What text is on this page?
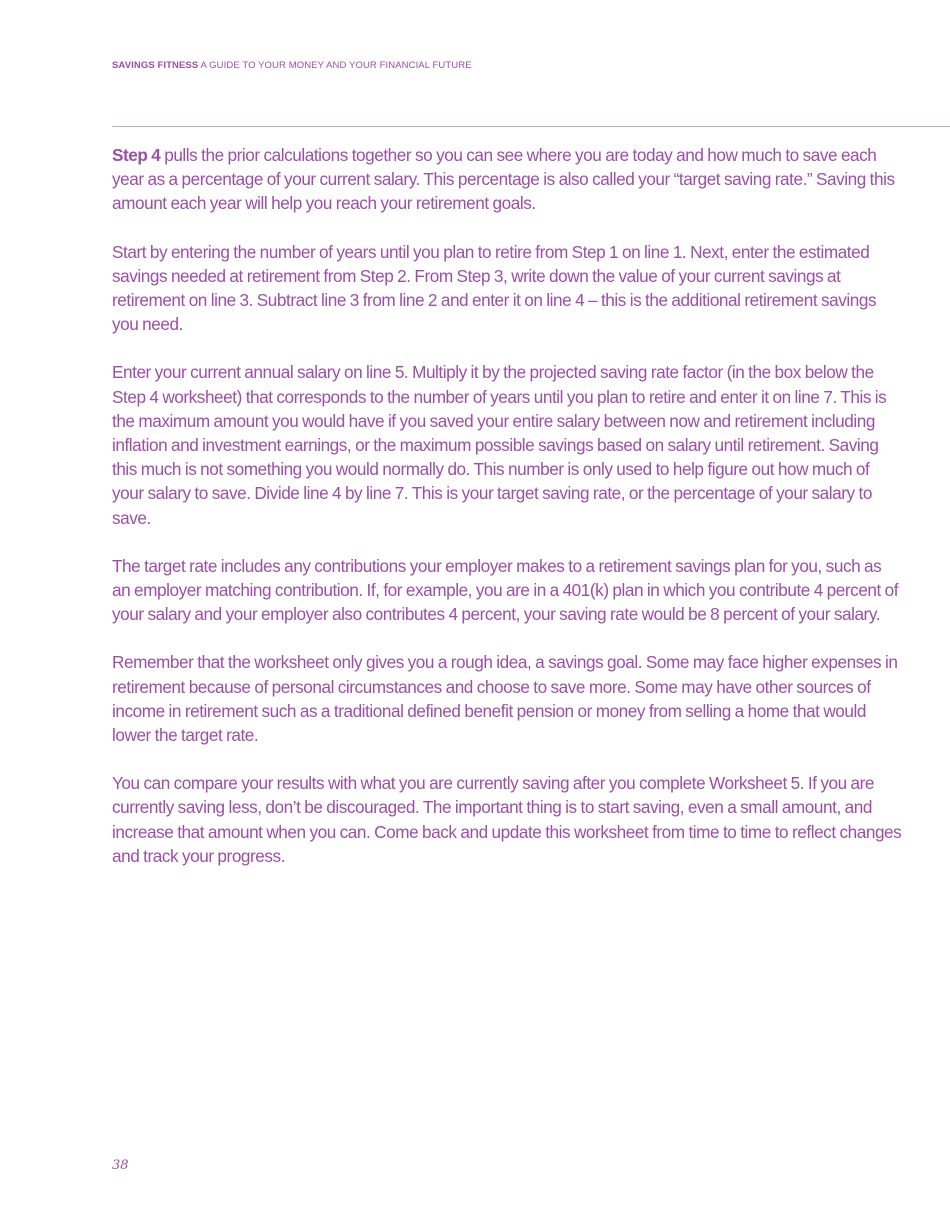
SAVINGS FITNESS A GUIDE TO YOUR MONEY AND YOUR FINANCIAL FUTURE

Step 4 pulls the prior calculations together so you can see where you are today and how much to save each year as a percentage of your current salary. This percentage is also called your “target saving rate.” Saving this amount each year will help you reach your retirement goals.

Start by entering the number of years until you plan to retire from Step 1 on line 1. Next, enter the estimated savings needed at retirement from Step 2. From Step 3, write down the value of your current savings at retirement on line 3. Subtract line 3 from line 2 and enter it on line 4 – this is the additional retirement savings you need.

Enter your current annual salary on line 5. Multiply it by the projected saving rate factor (in the box below the Step 4 worksheet) that corresponds to the number of years until you plan to retire and enter it on line 7. This is the maximum amount you would have if you saved your entire salary between now and retirement including inflation and investment earnings, or the maximum possible savings based on salary until retirement. Saving this much is not something you would normally do. This number is only used to help figure out how much of your salary to save. Divide line 4 by line 7. This is your target saving rate, or the percentage of your salary to save.

The target rate includes any contributions your employer makes to a retirement savings plan for you, such as an employer matching contribution. If, for example, you are in a 401(k) plan in which you contribute 4 percent of your salary and your employer also contributes 4 percent, your saving rate would be 8 percent of your salary.

Remember that the worksheet only gives you a rough idea, a savings goal. Some may face higher expenses in retirement because of personal circumstances and choose to save more. Some may have other sources of income in retirement such as a traditional defined benefit pension or money from selling a home that would lower the target rate.

You can compare your results with what you are currently saving after you complete Worksheet 5. If you are currently saving less, don’t be discouraged. The important thing is to start saving, even a small amount, and increase that amount when you can. Come back and update this worksheet from time to time to reflect changes and track your progress.

38
